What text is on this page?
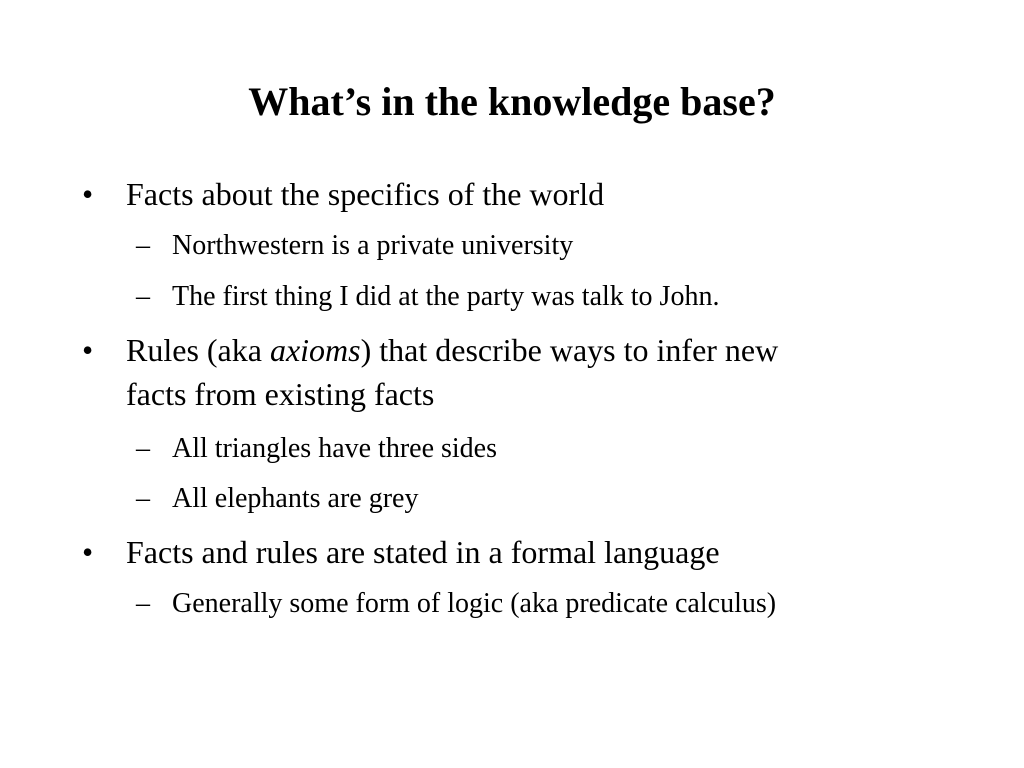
What’s in the knowledge base?
•	Facts about the specifics of the world
– Northwestern is a private university
– The first thing I did at the party was talk to John.
•	Rules (aka axioms) that describe ways to infer new
facts from existing facts
– All triangles have three sides
– All elephants are grey
•	Facts and rules are stated in a formal language
– Generally some form of logic (aka predicate calculus)
